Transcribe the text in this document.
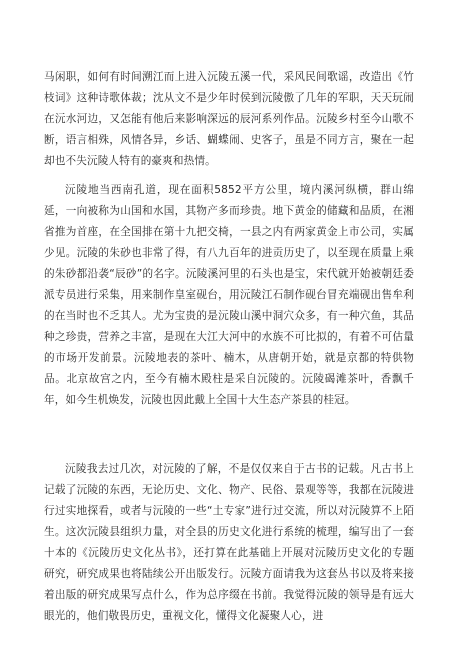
马闲职，如何有时间溯江而上进入沅陵五溪一代，采风民间歌谣，改造出《竹枝词》这种诗歌体裁；沈从文不是少年时侯到沅陵傲了几年的军职，天天玩闹在沅水河边，又怎能有他后来影响深远的辰河系列作品。沅陵乡村至今山歌不断，语言相殊，风情各异，乡话、蝴蝶闹、史客子，虽是不同方言，聚在一起却也不失沅陵人特有的豪爽和热情。

沅陵地当西南孔道，现在面积5852平方公里，境内溪河纵横，群山绵延，一向被称为山国和水国，其物产多而珍贵。地下黄金的储藏和品质，在湘省推为首座，在全国排在第十九把交椅，一县之内有两家黄金上市公司，实属少见。沅陵的朱砂也非常了得，有八九百年的进贡历史了，以至现在质量上乘的朱砂都沿袭“辰砂”的名字。沅陵溪河里的石头也是宝，宋代就开始被朝廷委派专员进行采集，用来制作皇室砚台，用沅陵江石制作砚台冒充端砚出售牟利的在当时也不乏其人。尤为宝贵的是沅陵山溪中洞穴众多，有一种穴鱼，其品种之珍贵，营养之丰富，是现在大江大河中的水族不可比拟的，有着不可估量的市场开发前景。沅陵地表的茶叶、楠木，从唐朝开始，就是京都的特供物品。北京故宫之内，至今有楠木殿柱是采自沅陵的。沅陵碣滩茶叶，香飘千年，如今生机焕发，沅陵也因此戴上全国十大生态产茶县的桂冠。

沅陵我去过几次，对沅陵的了解，不是仅仅来自于古书的记载。凡古书上记载了沅陵的东西，无论历史、文化、物产、民俗、景观等等，我都在沅陵进行过实地探看，或者与沅陵的一些“土专家”进行过交流，所以对沅陵算不上陌生。这次沅陵县组织力量，对全县的历史文化进行系统的梳理，编写出了一套十本的《沅陵历史文化丛书》，还打算在此基础上开展对沅陵历史文化的专题研究，研究成果也将陆续公开出版发行。沅陵方面请我为这套丛书以及将来接着出版的研究成果写点什么，作为总序缀在书前。我觉得沅陵的领导是有远大眼光的，他们敬畏历史，重视文化，懂得文化凝聚人心，进
